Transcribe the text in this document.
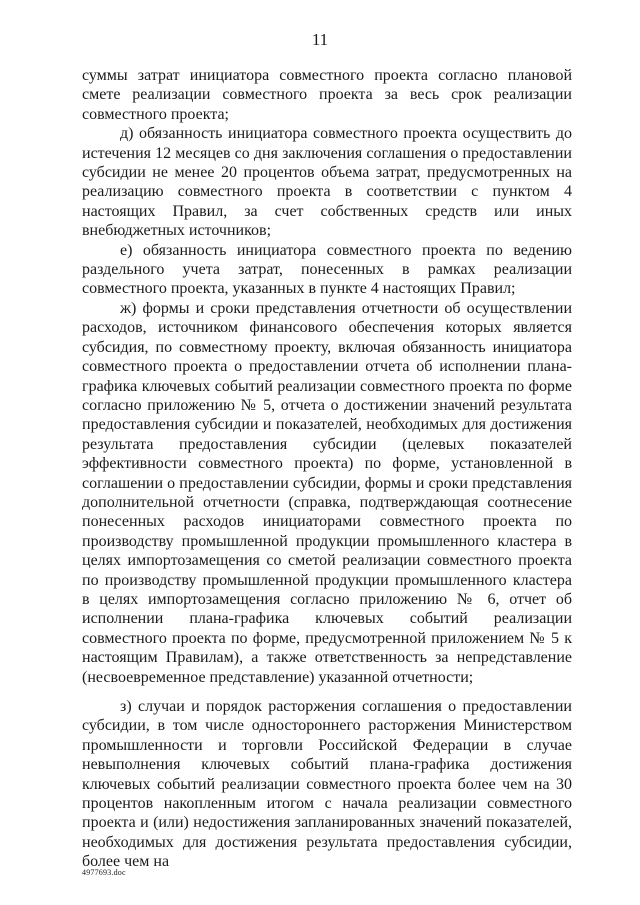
11

суммы затрат инициатора совместного проекта согласно плановой смете реализации совместного проекта за весь срок реализации совместного проекта;

д) обязанность инициатора совместного проекта осуществить до истечения 12 месяцев со дня заключения соглашения о предоставлении субсидии не менее 20 процентов объема затрат, предусмотренных на реализацию совместного проекта в соответствии с пунктом 4 настоящих Правил, за счет собственных средств или иных внебюджетных источников;

е) обязанность инициатора совместного проекта по ведению раздельного учета затрат, понесенных в рамках реализации совместного проекта, указанных в пункте 4 настоящих Правил;

ж) формы и сроки представления отчетности об осуществлении расходов, источником финансового обеспечения которых является субсидия, по совместному проекту, включая обязанность инициатора совместного проекта о предоставлении отчета об исполнении плана-графика ключевых событий реализации совместного проекта по форме согласно приложению № 5, отчета о достижении значений результата предоставления субсидии и показателей, необходимых для достижения результата предоставления субсидии (целевых показателей эффективности совместного проекта) по форме, установленной в соглашении о предоставлении субсидии, формы и сроки представления дополнительной отчетности (справка, подтверждающая соотнесение понесенных расходов инициаторами совместного проекта по производству промышленной продукции промышленного кластера в целях импортозамещения со сметой реализации совместного проекта по производству промышленной продукции промышленного кластера в целях импортозамещения согласно приложению № 6, отчет об исполнении плана-графика ключевых событий реализации совместного проекта по форме, предусмотренной приложением № 5 к настоящим Правилам), а также ответственность за непредставление (несвоевременное представление) указанной отчетности;

з) случаи и порядок расторжения соглашения о предоставлении субсидии, в том числе одностороннего расторжения Министерством промышленности и торговли Российской Федерации в случае невыполнения ключевых событий плана-графика достижения ключевых событий реализации совместного проекта более чем на 30 процентов накопленным итогом с начала реализации совместного проекта и (или) недостижения запланированных значений показателей, необходимых для достижения результата предоставления субсидии, более чем на

4977693.doc
